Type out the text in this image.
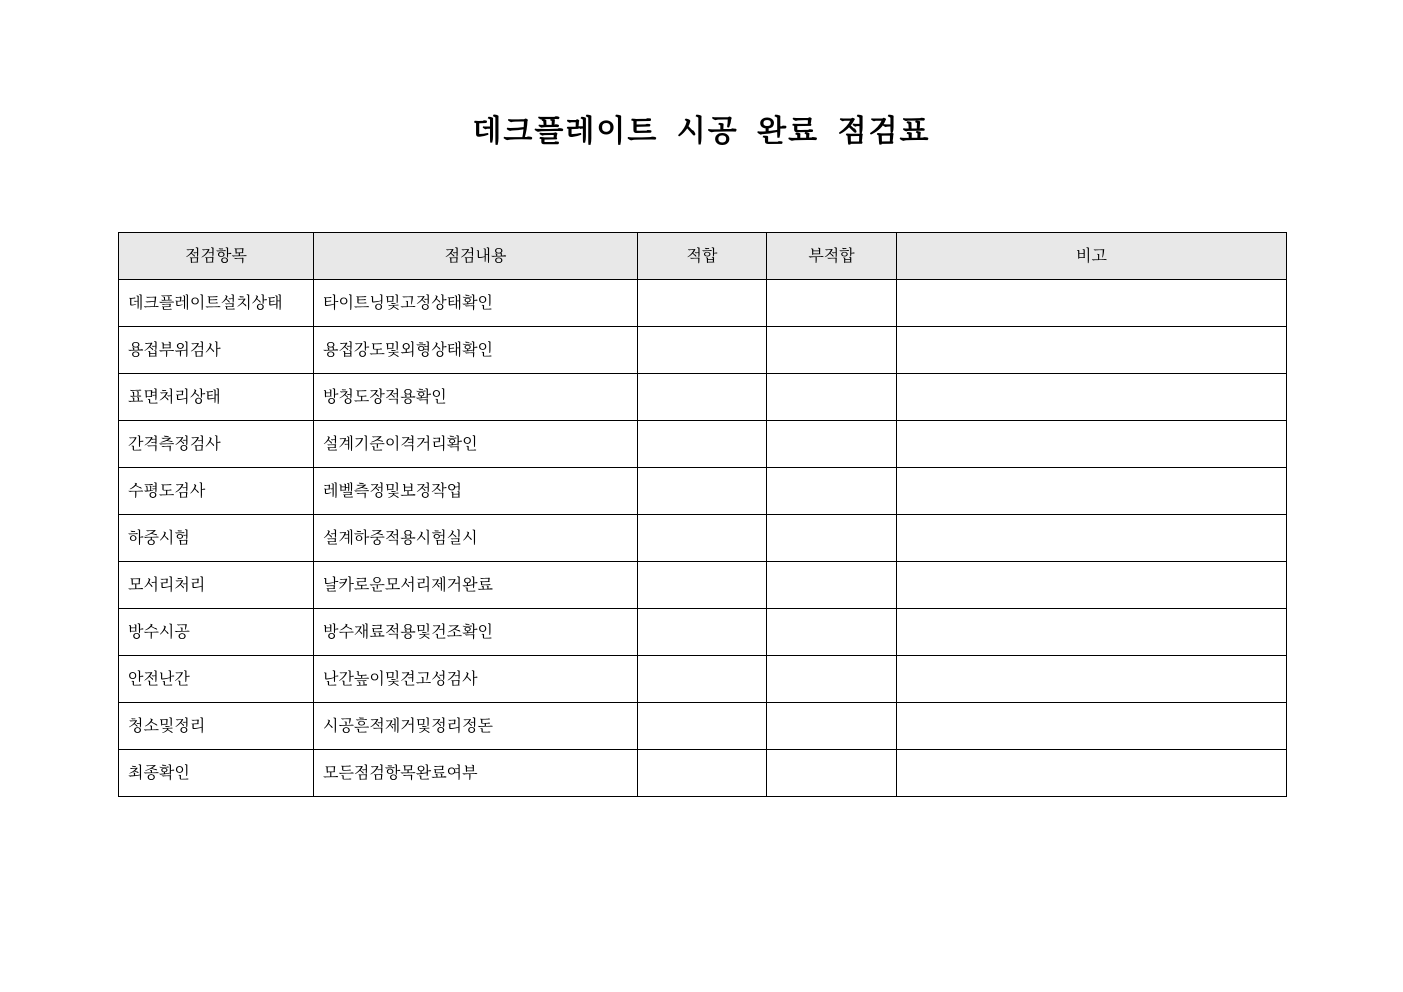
데크플레이트 시공 완료 점검표
점검항목	점검내용	적합	부적합	비고
데크플레이트설치상태	타이트닝및고정상태확인			
용접부위검사	용접강도및외형상태확인			
표면처리상태	방청도장적용확인			
간격측정검사	설계기준이격거리확인			
수평도검사	레벨측정및보정작업			
하중시험	설계하중적용시험실시			
모서리처리	날카로운모서리제거완료			
방수시공	방수재료적용및건조확인			
안전난간	난간높이및견고성검사			
청소및정리	시공흔적제거및정리정돈			
최종확인	모든점검항목완료여부			
